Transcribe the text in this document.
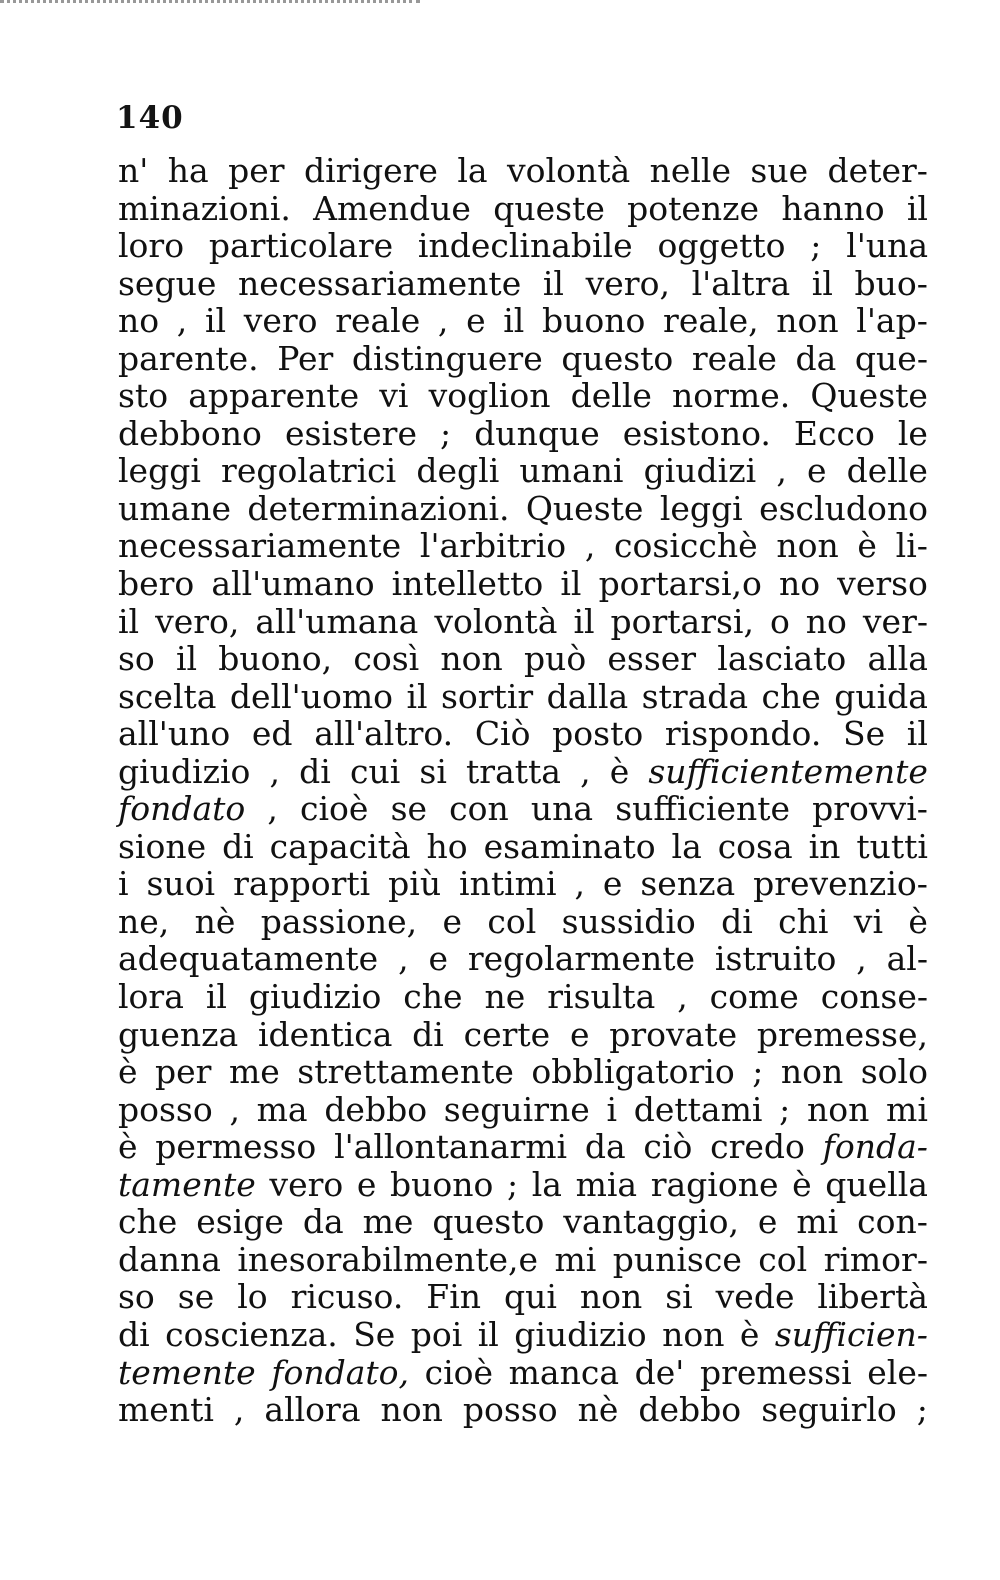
140
n' ha per dirigere la volontà nelle sue deter-
minazioni. Amendue queste potenze hanno il
loro particolare indeclinabile oggetto ; l'una
segue necessariamente il vero, l'altra il buo-
no , il vero reale , e il buono reale, non l'ap-
parente. Per distinguere questo reale da que-
sto apparente vi voglion delle norme. Queste
debbono esistere ; dunque esistono. Ecco le
leggi regolatrici degli umani giudizi , e delle
umane determinazioni. Queste leggi escludono
necessariamente l'arbitrio , cosicchè non è li-
bero all'umano intelletto il portarsi,o no verso
il vero, all'umana volontà il portarsi, o no ver-
so il buono, così non può esser lasciato alla
scelta dell'uomo il sortir dalla strada che guida
all'uno ed all'altro. Ciò posto rispondo. Se il
giudizio , di cui si tratta , è sufficientemente
fondato , cioè se con una sufficiente provvi-
sione di capacità ho esaminato la cosa in tutti
i suoi rapporti più intimi , e senza prevenzio-
ne, nè passione, e col sussidio di chi vi è
adequatamente , e regolarmente istruito , al-
lora il giudizio che ne risulta , come conse-
guenza identica di certe e provate premesse,
è per me strettamente obbligatorio ; non solo
posso , ma debbo seguirne i dettami ; non mi
è permesso l'allontanarmi da ciò credo fonda-
tamente vero e buono ; la mia ragione è quella
che esige da me questo vantaggio, e mi con-
danna inesorabilmente,e mi punisce col rimor-
so se lo ricuso. Fin qui non si vede libertà
di coscienza. Se poi il giudizio non è sufficien-
temente fondato, cioè manca de' premessi ele-
menti , allora non posso nè debbo seguirlo ;
